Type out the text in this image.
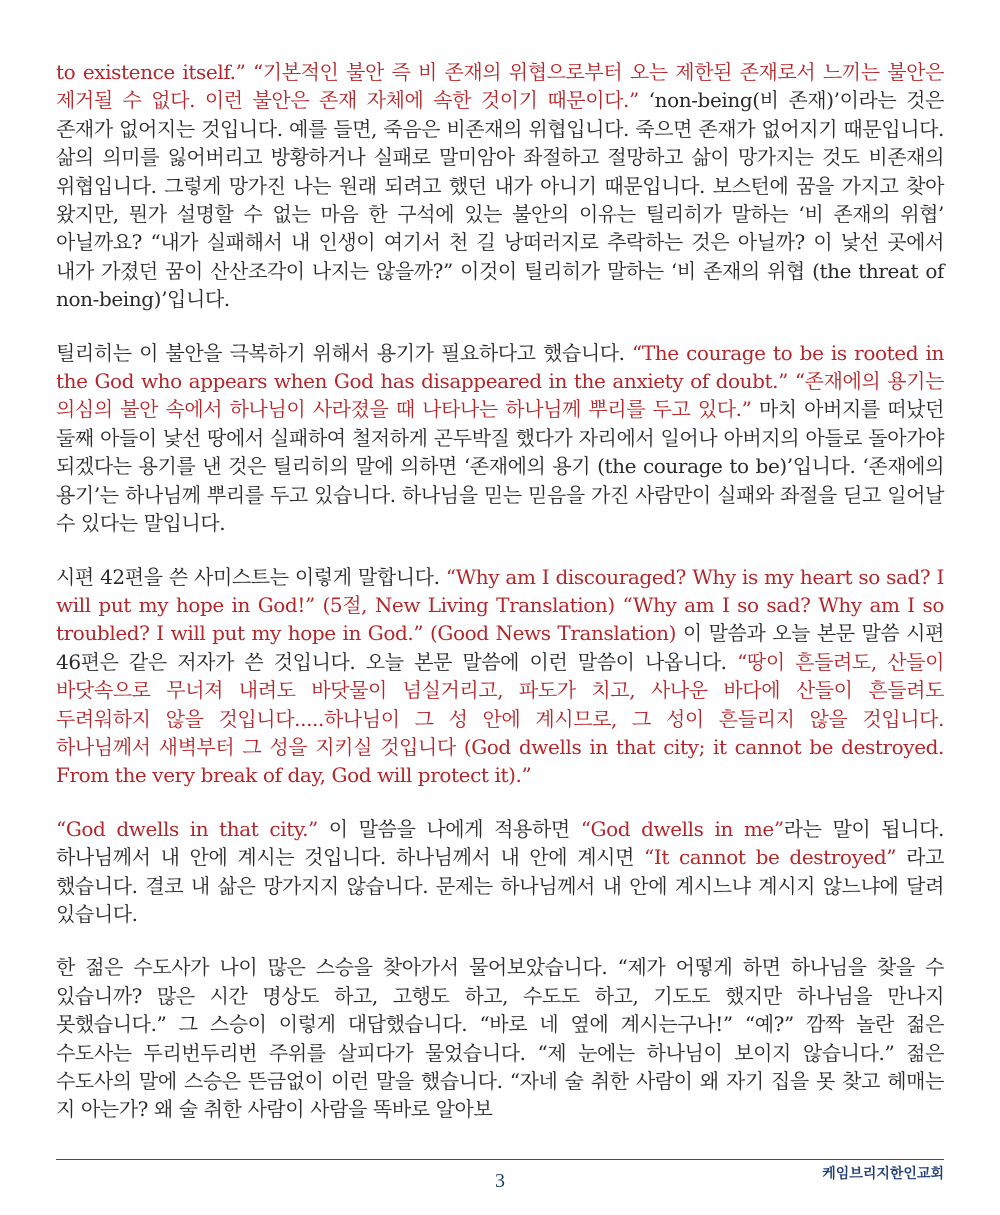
to existence itself.” “기본적인 불안 즉 비 존재의 위협으로부터 오는 제한된 존재로서 느끼는 불안은 제거될 수 없다. 이런 불안은 존재 자체에 속한 것이기 때문이다.” ‘non-being(비 존재)’이라는 것은 존재가 없어지는 것입니다. 예를 들면, 죽음은 비존재의 위협입니다. 죽으면 존재가 없어지기 때문입니다. 삶의 의미를 잃어버리고 방황하거나 실패로 말미암아 좌절하고 절망하고 삶이 망가지는 것도 비존재의 위협입니다. 그렇게 망가진 나는 원래 되려고 했던 내가 아니기 때문입니다. 보스턴에 꿈을 가지고 찾아 왔지만, 뭔가 설명할 수 없는 마음 한 구석에 있는 불안의 이유는 틸리히가 말하는 ‘비 존재의 위협’ 아닐까요? “내가 실패해서 내 인생이 여기서 천 길 낭떠러지로 추락하는 것은 아닐까? 이 낯선 곳에서 내가 가졌던 꿈이 산산조각이 나지는 않을까?” 이것이 틸리히가 말하는 ‘비 존재의 위협 (the threat of non-being)’입니다.

틸리히는 이 불안을 극복하기 위해서 용기가 필요하다고 했습니다. “The courage to be is rooted in the God who appears when God has disappeared in the anxiety of doubt.” “존재에의 용기는 의심의 불안 속에서 하나님이 사라졌을 때 나타나는 하나님께 뿌리를 두고 있다.” 마치 아버지를 떠났던 둘째 아들이 낯선 땅에서 실패하여 철저하게 곤두박질 했다가 자리에서 일어나 아버지의 아들로 돌아가야 되겠다는 용기를 낸 것은 틸리히의 말에 의하면 ‘존재에의 용기 (the courage to be)’입니다. ‘존재에의 용기’는 하나님께 뿌리를 두고 있습니다. 하나님을 믿는 믿음을 가진 사람만이 실패와 좌절을 딛고 일어날 수 있다는 말입니다.

시편 42편을 쓴 사미스트는 이렇게 말합니다. “Why am I discouraged? Why is my heart so sad? I will put my hope in God!” (5절, New Living Translation) “Why am I so sad? Why am I so troubled? I will put my hope in God.” (Good News Translation) 이 말씀과 오늘 본문 말씀 시편 46편은 같은 저자가 쓴 것입니다. 오늘 본문 말씀에 이런 말씀이 나옵니다. “땅이 흔들려도, 산들이 바닷속으로 무너져 내려도 바닷물이 넘실거리고, 파도가 치고, 사나운 바다에 산들이 흔들려도 두려워하지 않을 것입니다.....하나님이 그 성 안에 계시므로, 그 성이 흔들리지 않을 것입니다. 하나님께서 새벽부터 그 성을 지키실 것입니다 (God dwells in that city; it cannot be destroyed. From the very break of day, God will protect it).”

“God dwells in that city.” 이 말씀을 나에게 적용하면 “God dwells in me”라는 말이 됩니다. 하나님께서 내 안에 계시는 것입니다. 하나님께서 내 안에 계시면 “It cannot be destroyed” 라고 했습니다. 결코 내 삶은 망가지지 않습니다. 문제는 하나님께서 내 안에 계시느냐 계시지 않느냐에 달려 있습니다.

한 젊은 수도사가 나이 많은 스승을 찾아가서 물어보았습니다. “제가 어떻게 하면 하나님을 찾을 수 있습니까? 많은 시간 명상도 하고, 고행도 하고, 수도도 하고, 기도도 했지만 하나님을 만나지 못했습니다.” 그 스승이 이렇게 대답했습니다. “바로 네 옆에 계시는구나!” “예?” 깜짝 놀란 젊은 수도사는 두리번두리번 주위를 살피다가 물었습니다. “제 눈에는 하나님이 보이지 않습니다.” 젊은 수도사의 말에 스승은 뜬금없이 이런 말을 했습니다. “자네 술 취한 사람이 왜 자기 집을 못 찾고 헤매는 지 아는가? 왜 술 취한 사람이 사람을 똑바로 알아보

3	케임브리지한인교회
